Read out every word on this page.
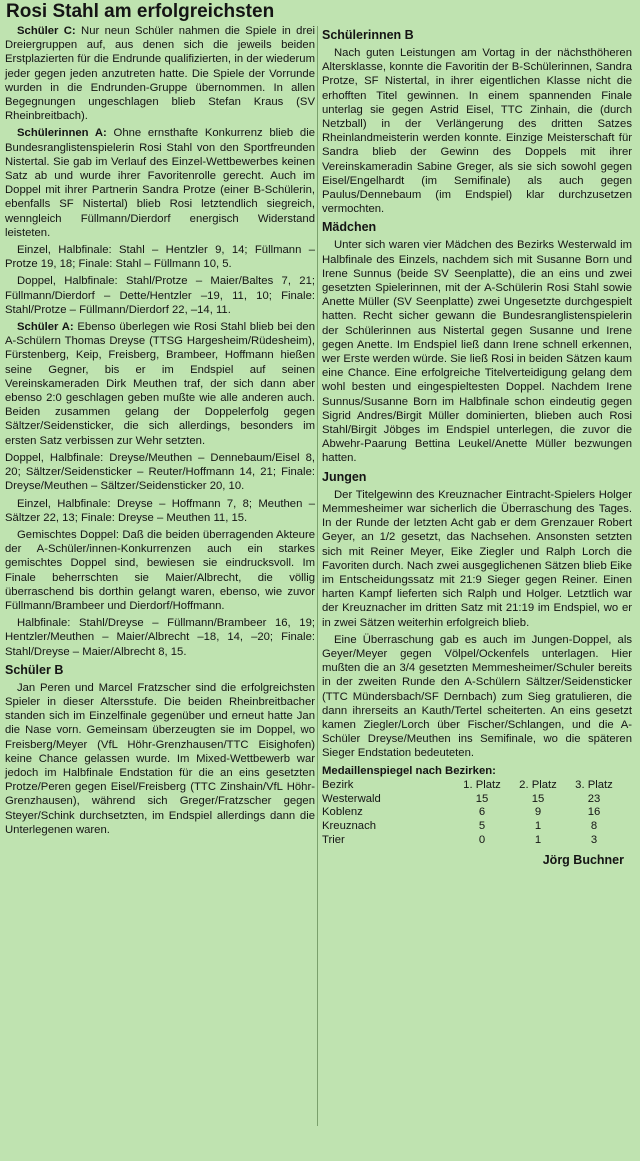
Rosi Stahl am erfolgreichsten

Schüler C: Nur neun Schüler nahmen die Spiele in drei Dreiergruppen auf, aus denen sich die jeweils beiden Erstplazierten für die Endrunde qualifizierten, in der wiederum jeder gegen jeden anzutreten hatte. Die Spiele der Vorrunde wurden in die Endrunden-Gruppe übernommen. In allen Begegnungen ungeschlagen blieb Stefan Kraus (SV Rheinbreitbach).

Schülerinnen A: Ohne ernsthafte Konkurrenz blieb die Bundesranglistenspielerin Rosi Stahl von den Sportfreunden Nistertal. Sie gab im Verlauf des Einzel-Wettbewerbes keinen Satz ab und wurde ihrer Favoritenrolle gerecht. Auch im Doppel mit ihrer Partnerin Sandra Protze (einer B-Schülerin, ebenfalls SF Nistertal) blieb Rosi letztendlich siegreich, wenngleich Füllmann/Dierdorf energisch Widerstand leisteten.

Einzel, Halbfinale: Stahl – Hentzler 9, 14; Füllmann – Protze 19, 18; Finale: Stahl – Füllmann 10, 5.

Doppel, Halbfinale: Stahl/Protze – Maier/Baltes 7, 21; Füllmann/Dierdorf – Dette/Hentzler –19, 11, 10; Finale: Stahl/Protze – Füllmann/Dierdorf 22, –14, 11.

Schüler A: Ebenso überlegen wie Rosi Stahl blieb bei den A-Schülern Thomas Dreyse (TTSG Hargesheim/Rüdesheim), Fürstenberg, Keip, Freisberg, Brambeer, Hoffmann hießen seine Gegner, bis er im Endspiel auf seinen Vereinskameraden Dirk Meuthen traf, der sich dann aber ebenso 2:0 geschlagen geben mußte wie alle anderen auch. Beiden zusammen gelang der Doppelerfolg gegen Sältzer/Seidensticker, die sich allerdings, besonders im ersten Satz verbissen zur Wehr setzten.

Doppel, Halbfinale: Dreyse/Meuthen – Dennebaum/Eisel 8, 20; Sältzer/Seidensticker – Reuter/Hoffmann 14, 21; Finale: Dreyse/Meuthen – Sältzer/Seidensticker 20, 10.

Einzel, Halbfinale: Dreyse – Hoffmann 7, 8; Meuthen – Sältzer 22, 13; Finale: Dreyse – Meuthen 11, 15.

Gemischtes Doppel: Daß die beiden überragenden Akteure der A-Schüler/innen-Konkurrenzen auch ein starkes gemischtes Doppel sind, bewiesen sie eindrucksvoll. Im Finale beherrschten sie Maier/Albrecht, die völlig überraschend bis dorthin gelangt waren, ebenso, wie zuvor Füllmann/Brambeer und Dierdorf/Hoffmann.

Halbfinale: Stahl/Dreyse – Füllmann/Brambeer 16, 19; Hentzler/Meuthen – Maier/Albrecht –18, 14, –20; Finale: Stahl/Dreyse – Maier/Albrecht 8, 15.

Schüler B

Jan Peren und Marcel Fratzscher sind die erfolgreichsten Spieler in dieser Altersstufe. Die beiden Rheinbreitbacher standen sich im Einzelfinale gegenüber und erneut hatte Jan die Nase vorn. Gemeinsam überzeugten sie im Doppel, wo Freisberg/Meyer (VfL Höhr-Grenzhausen/TTC Eisighofen) keine Chance gelassen wurde. Im Mixed-Wettbewerb war jedoch im Halbfinale Endstation für die an eins gesetzten Protze/Peren gegen Eisel/Freisberg (TTC Zinshain/VfL Höhr-Grenzhausen), während sich Greger/Fratzscher gegen Steyer/Schink durchsetzten, im Endspiel allerdings dann die Unterlegenen waren.

Schülerinnen B

Nach guten Leistungen am Vortag in der nächsthöheren Altersklasse, konnte die Favoritin der B-Schülerinnen, Sandra Protze, SF Nistertal, in ihrer eigentlichen Klasse nicht die erhofften Titel gewinnen. In einem spannenden Finale unterlag sie gegen Astrid Eisel, TTC Zinhain, die (durch Netzball) in der Verlängerung des dritten Satzes Rheinlandmeisterin werden konnte. Einzige Meisterschaft für Sandra blieb der Gewinn des Doppels mit ihrer Vereinskameradin Sabine Greger, als sie sich sowohl gegen Eisel/Engelhardt (im Semifinale) als auch gegen Paulus/Dennebaum (im Endspiel) klar durchzusetzen vermochten.

Mädchen

Unter sich waren vier Mädchen des Bezirks Westerwald im Halbfinale des Einzels, nachdem sich mit Susanne Born und Irene Sunnus (beide SV Seenplatte), die an eins und zwei gesetzten Spielerinnen, mit der A-Schülerin Rosi Stahl sowie Anette Müller (SV Seenplatte) zwei Ungesetzte durchgespielt hatten. Recht sicher gewann die Bundesranglistenspielerin der Schülerinnen aus Nistertal gegen Susanne und Irene gegen Anette. Im Endspiel ließ dann Irene schnell erkennen, wer Erste werden würde. Sie ließ Rosi in beiden Sätzen kaum eine Chance. Eine erfolgreiche Titelverteidigung gelang dem wohl besten und eingespieltesten Doppel. Nachdem Irene Sunnus/Susanne Born im Halbfinale schon eindeutig gegen Sigrid Andres/Birgit Müller dominierten, blieben auch Rosi Stahl/Birgit Jöbges im Endspiel unterlegen, die zuvor die Abwehr-Paarung Bettina Leukel/Anette Müller bezwungen hatten.

Jungen

Der Titelgewinn des Kreuznacher Eintracht-Spielers Holger Memmesheimer war sicherlich die Überraschung des Tages. In der Runde der letzten Acht gab er dem Grenzauer Robert Geyer, an 1/2 gesetzt, das Nachsehen. Ansonsten setzten sich mit Reiner Meyer, Eike Ziegler und Ralph Lorch die Favoriten durch. Nach zwei ausgeglichenen Sätzen blieb Eike im Entscheidungssatz mit 21:9 Sieger gegen Reiner. Einen harten Kampf lieferten sich Ralph und Holger. Letztlich war der Kreuznacher im dritten Satz mit 21:19 im Endspiel, wo er in zwei Sätzen weiterhin erfolgreich blieb.

Eine Überraschung gab es auch im Jungen-Doppel, als Geyer/Meyer gegen Völpel/Ockenfels unterlagen. Hier mußten die an 3/4 gesetzten Memmesheimer/Schuler bereits in der zweiten Runde den A-Schülern Sältzer/Seidensticker (TTC Mündersbach/SF Dernbach) zum Sieg gratulieren, die dann ihrerseits an Kauth/Tertel scheiterten. An eins gesetzt kamen Ziegler/Lorch über Fischer/Schlangen, und die A-Schüler Dreyse/Meuthen ins Semifinale, wo die späteren Sieger Endstation bedeuteten.

Medaillenspiegel nach Bezirken:
Bezirk	1. Platz	2. Platz	3. Platz
Westerwald	15	15	23
Koblenz	6	9	16
Kreuznach	5	1	8
Trier	0	1	3
Jörg Buchner
